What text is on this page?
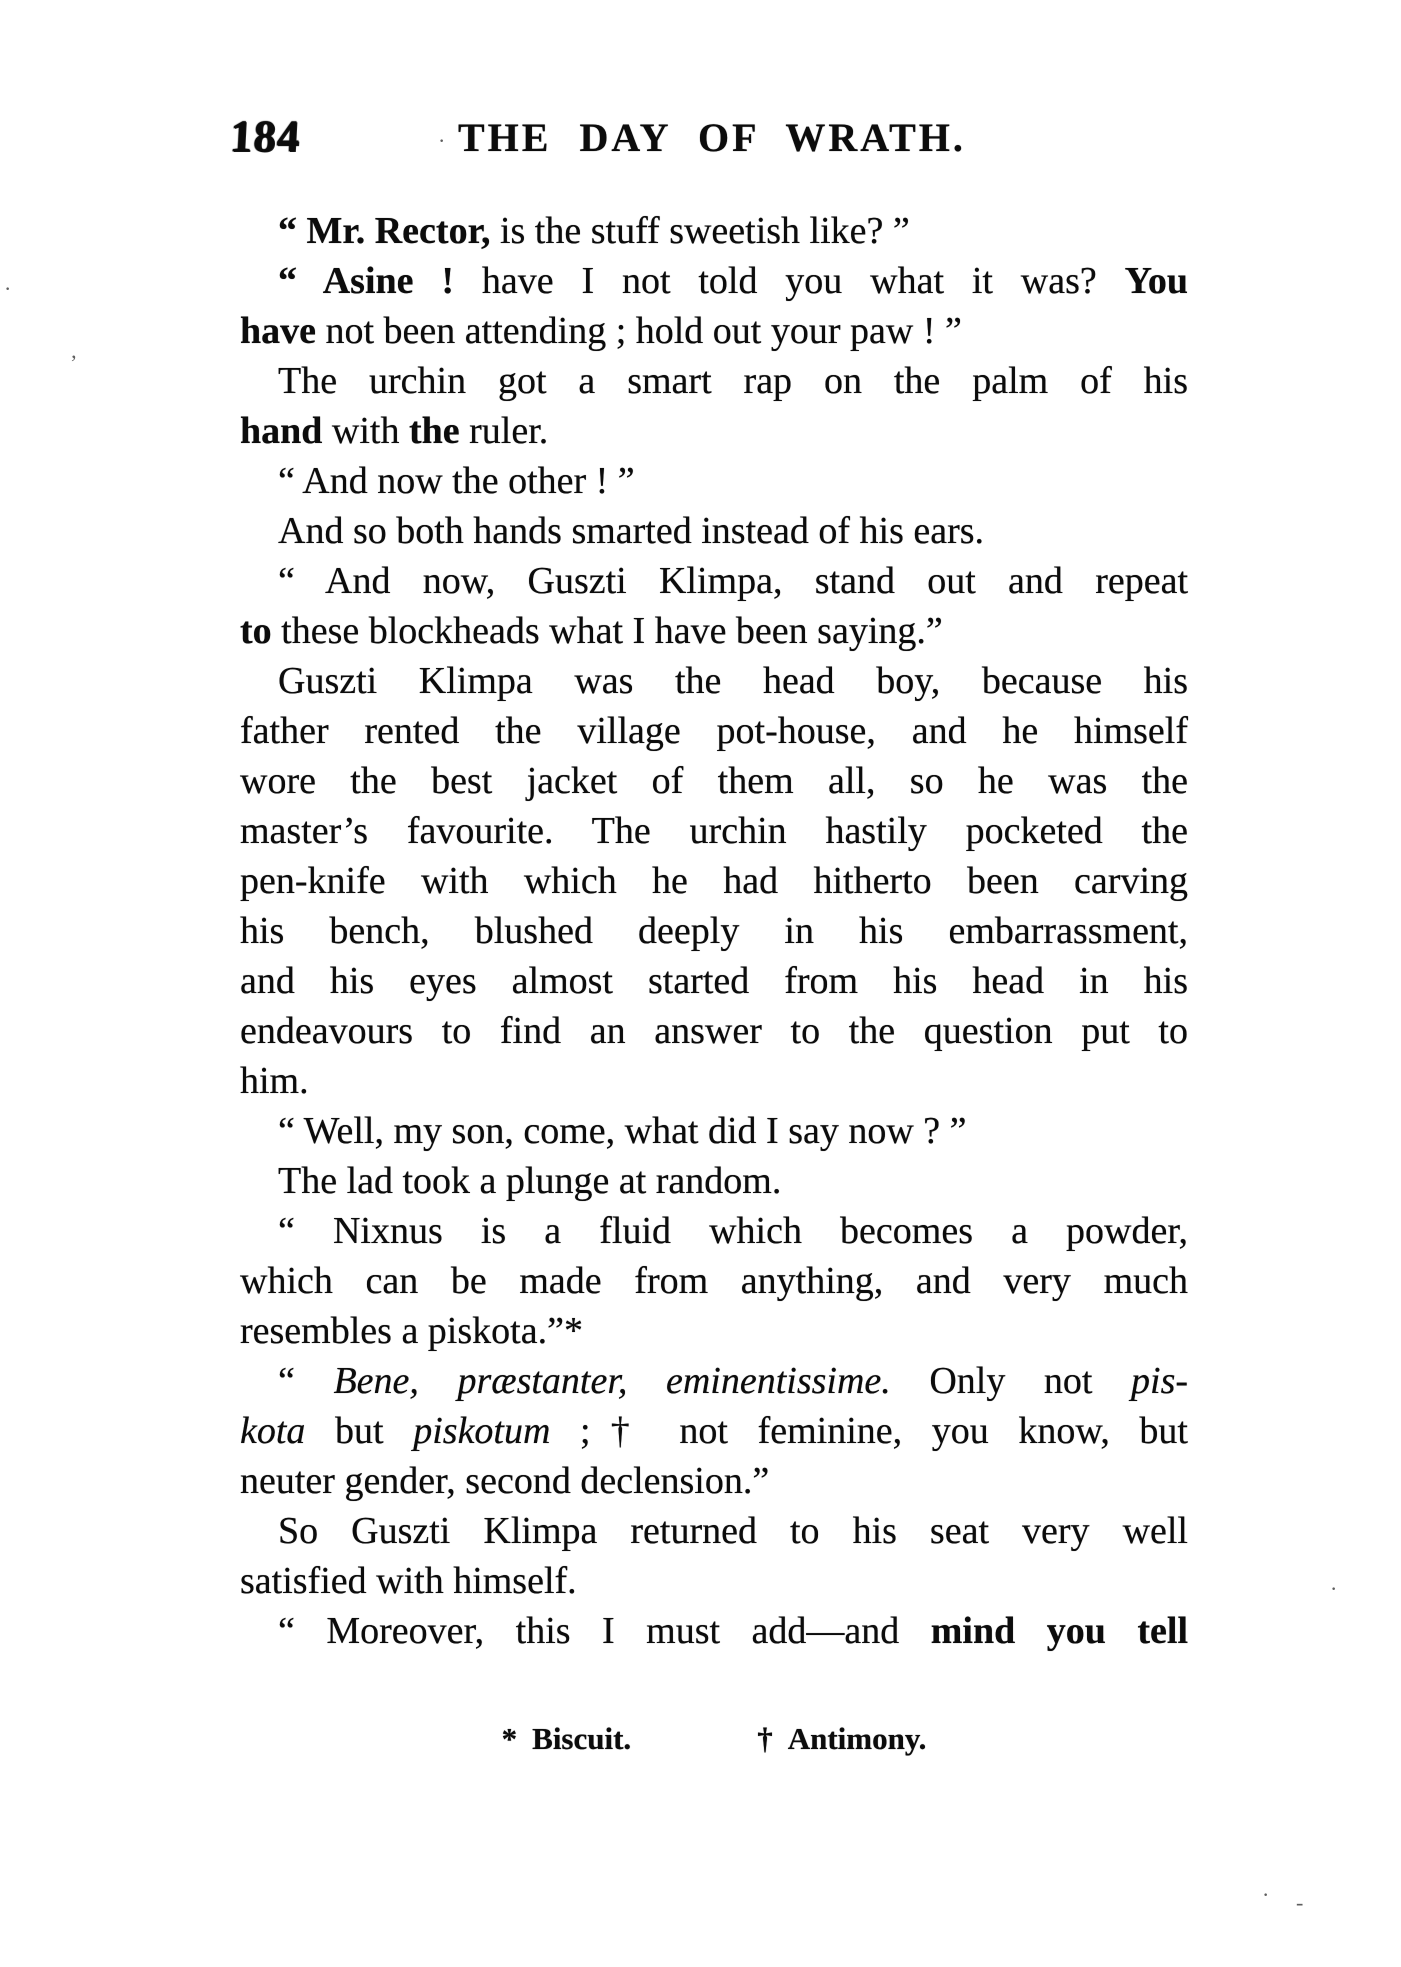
184	THE DAY OF WRATH.
“ Mr. Rector, is the stuff sweetish like? ”
“ Asine ! have I not told you what it was? You
have not been attending ; hold out your paw ! ”
The urchin got a smart rap on the palm of his
hand with the ruler.
“ And now the other ! ”
And so both hands smarted instead of his ears.
“ And now, Guszti Klimpa, stand out and repeat
to these blockheads what I have been saying.”
Guszti Klimpa was the head boy, because his
father rented the village pot-house, and he himself
wore the best jacket of them all, so he was the
master’s favourite. The urchin hastily pocketed the
pen-knife with which he had hitherto been carving
his bench, blushed deeply in his embarrassment,
and his eyes almost started from his head in his
endeavours to find an answer to the question put to
him.
“ Well, my son, come, what did I say now ? ”
The lad took a plunge at random.
“ Nixnus is a fluid which becomes a powder,
which can be made from anything, and very much
resembles a piskota.”*
“ Bene, præstanter, eminentissime. Only not pis-
kota but piskotum ;† not feminine, you know, but
neuter gender, second declension.”
So Guszti Klimpa returned to his seat very well
satisfied with himself.
“ Moreover, this I must add—and mind you tell
* Biscuit.	† Antimony.
’
·
·
·
· ‐
